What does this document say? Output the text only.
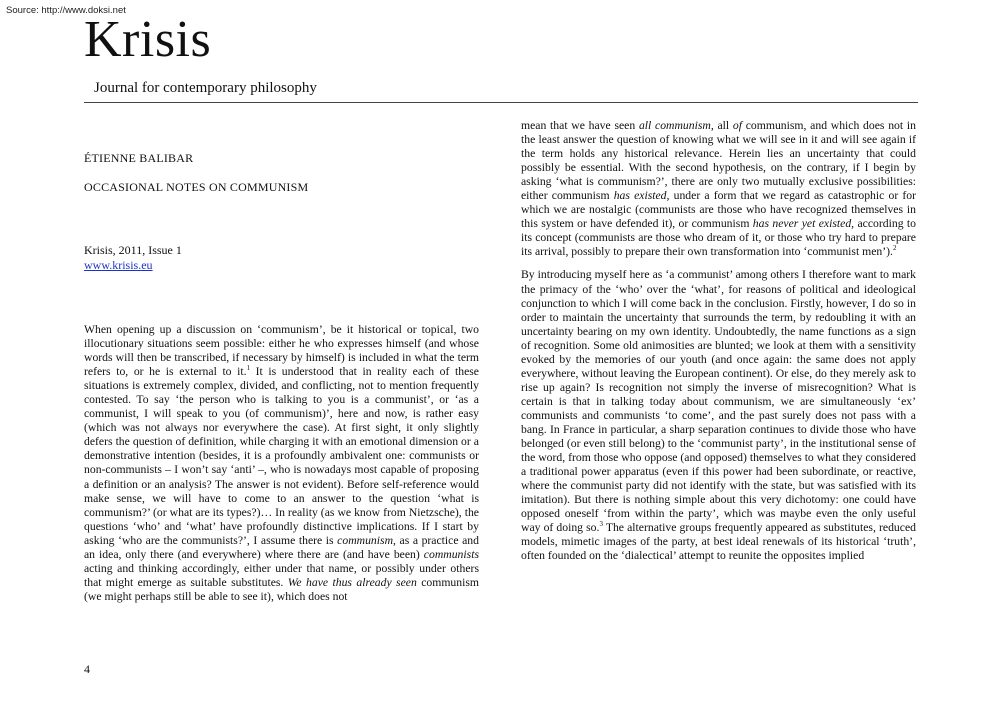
Source: http://www.doksi.net
Krisis
Journal for contemporary philosophy
ÉTIENNE BALIBAR
OCCASIONAL NOTES ON COMMUNISM
Krisis, 2011, Issue 1
www.krisis.eu

When opening up a discussion on ‘communism’, be it historical or topical, two illocutionary situations seem possible: either he who expresses himself (and whose words will then be transcribed, if necessary by himself) is included in what the term refers to, or he is external to it.$^1$ It is understood that in reality each of these situations is extremely complex, divided, and conflicting, not to mention frequently contested. To say ‘the person who is talking to you is a communist’, or ‘as a communist, I will speak to you (of communism)’, here and now, is rather easy (which was not always nor everywhere the case). At first sight, it only slightly defers the question of definition, while charging it with an emotional dimension or a demonstrative intention (besides, it is a profoundly ambivalent one: communists or non-communists – I won’t say ‘anti’ –, who is nowadays most capable of proposing a definition or an analysis? The answer is not evident). Before self-reference would make sense, we will have to come to an answer to the question ‘what is communism?’ (or what are its types?)… In reality (as we know from Nietzsche), the questions ‘who’ and ‘what’ have profoundly distinctive implications. If I start by asking ‘who are the communists?’, I assume there is communism, as a practice and an idea, only there (and everywhere) where there are (and have been) communists acting and thinking accordingly, either under that name, or possibly under others that might emerge as suitable substitutes. We have thus already seen communism (we might perhaps still be able to see it), which does not

mean that we have seen all communism, all of communism, and which does not in the least answer the question of knowing what we will see in it and will see again if the term holds any historical relevance. Herein lies an uncertainty that could possibly be essential. With the second hypothesis, on the contrary, if I begin by asking ‘what is communism?’, there are only two mutually exclusive possibilities: either communism has existed, under a form that we regard as catastrophic or for which we are nostalgic (communists are those who have recognized themselves in this system or have defended it), or communism has never yet existed, according to its concept (communists are those who dream of it, or those who try hard to prepare its arrival, possibly to prepare their own transformation into ‘communist men’).$^2$

By introducing myself here as ‘a communist’ among others I therefore want to mark the primacy of the ‘who’ over the ‘what’, for reasons of political and ideological conjunction to which I will come back in the conclusion. Firstly, however, I do so in order to maintain the uncertainty that surrounds the term, by redoubling it with an uncertainty bearing on my own identity. Undoubtedly, the name functions as a sign of recognition. Some old animosities are blunted; we look at them with a sensitivity evoked by the memories of our youth (and once again: the same does not apply everywhere, without leaving the European continent). Or else, do they merely ask to rise up again? Is recognition not simply the inverse of misrecognition? What is certain is that in talking today about communism, we are simultaneously ‘ex’ communists and communists ‘to come’, and the past surely does not pass with a bang. In France in particular, a sharp separation continues to divide those who have belonged (or even still belong) to the ‘communist party’, in the institutional sense of the word, from those who oppose (and opposed) themselves to what they considered a traditional power apparatus (even if this power had been subordinate, or reactive, where the communist party did not identify with the state, but was satisfied with its imitation). But there is nothing simple about this very dichotomy: one could have opposed oneself ‘from within the party’, which was maybe even the only useful way of doing so.$^3$ The alternative groups frequently appeared as substitutes, reduced models, mimetic images of the party, at best ideal renewals of its historical ‘truth’, often founded on the ‘dialectical’ attempt to reunite the opposites implied

4
